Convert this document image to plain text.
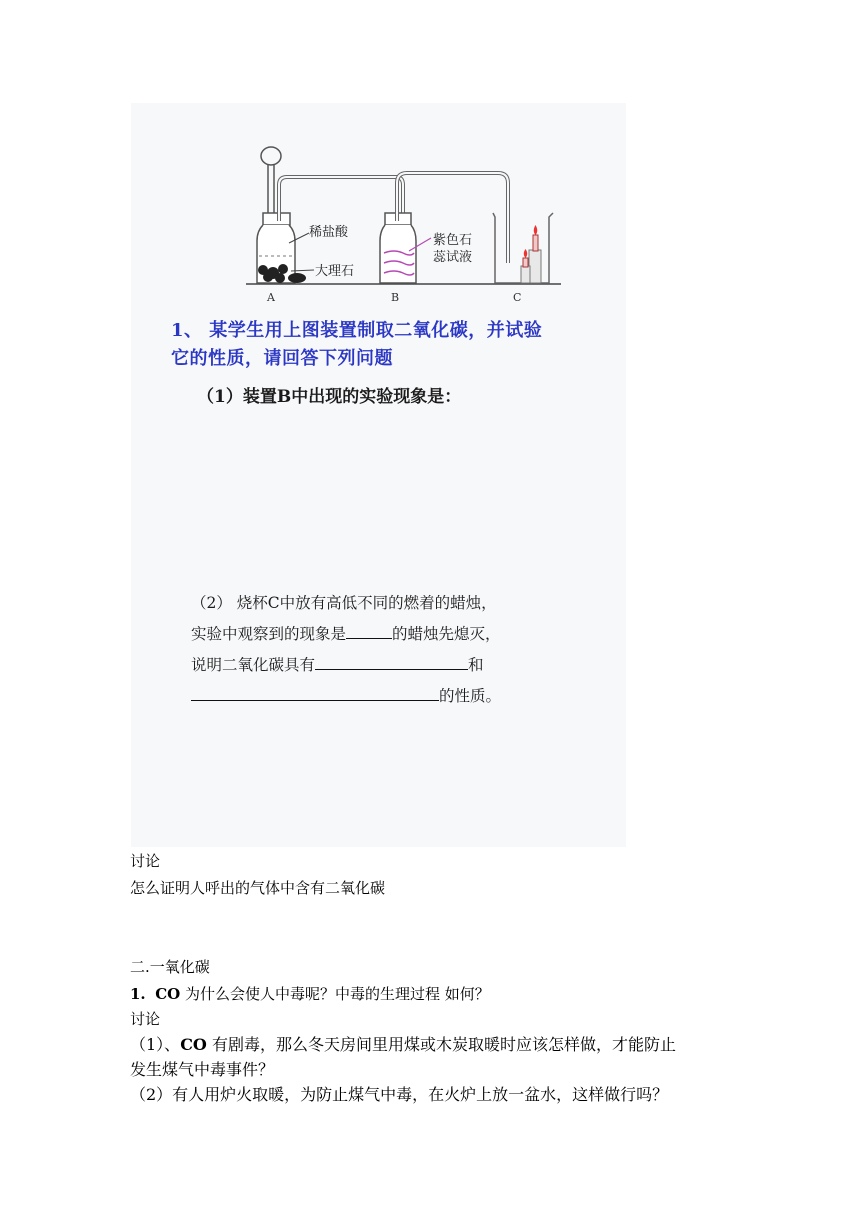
稀盐酸
大理石
紫色石
蕊试液
A	B	C
1、 某学生用上图装置制取二氧化碳，并试验
它的性质，请回答下列问题
（1）装置B中出现的实验现象是：
（2） 烧杯C中放有高低不同的燃着的蜡烛，
实验中观察到的现象是	的蜡烛先熄灭，
说明二氧化碳具有	和
的性质。
讨论
怎么证明人呼出的气体中含有二氧化碳
二.一氧化碳
1. CO 为什么会使人中毒呢？中毒的生理过程 如何？
讨论
（1）、CO 有剧毒，那么冬天房间里用煤或木炭取暖时应该怎样做，才能防止
发生煤气中毒事件？
（2）有人用炉火取暖，为防止煤气中毒，在火炉上放一盆水，这样做行吗？
